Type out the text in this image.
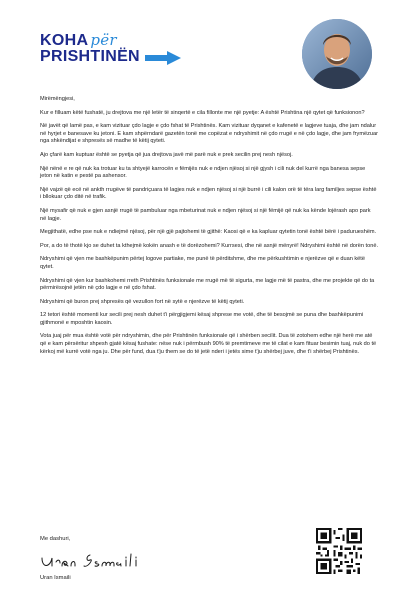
KOHA për
PRISHTINËN

Mirëmëngjesi,

Kur e filluam këtë fushatë, ju drejtova me një letër të sinqertë e cila fillonte me një pyetje: A është Prishtina një qytet që funksionon?

Në javët që lamë pas, e kam vizituar çdo lagje e çdo fshat të Prishtinës. Kam vizituar dyqanet e kafenetë e lagjeve tuaja, dhe jam ndalur në hyrjet e banesave ku jetoni. E kam shpërndarë gazetën tonë me copëzat e ndryshimit në çdo rrugë e në çdo lagje, dhe jam frymëzuar nga shkëndijat e shpresës së madhe të këtij qyteti.

Ajo çfarë kam kuptuar është se pyetja që jua drejtova javë më parë nuk e prek secilin prej nesh njësoj.

Një nënë e re që nuk ka trotuar ku ta shtyejë karrocën e fëmijës nuk e ndjen njësoj si një gjysh i cili nuk del kurrë nga banesa sepse jeton në katin e pestë pa ashensor.

Një vajzë që ecë në ankth rrugëve të pandriçuara të lagjes nuk e ndjen njësoj si një burrë i cili kalon orë të tëra larg familjes sepse është i bllokuar çdo ditë në trafik.

Një mysafir që nuk e gjen asnjë rrugë të pambuluar nga mbeturinat nuk e ndjen njësoj si një fëmijë që nuk ka kënde lojërash apo park në lagje.

Megjithatë, edhe pse nuk e ndiejmë njësoj, për një gjë pajtohemi të gjithë: Kaosi që e ka kapluar qytetin tonë është bërë i padurueshëm.

Por, a do të thotë kjo se duhet ta kthejmë kokën anash e të dorëzohemi? Kurrsesi, dhe në asnjë mënyrë! Ndryshimi është në dorën tonë.

Ndryshimi që vjen me bashkëpunim përtej logove partiake, me punë të përditshme, dhe me përkushtimin e njerëzve që e duan këtë qytet.

Ndryshimi që vjen kur bashkohemi rreth Prishtinës funksionale me rrugë më të sigurta, me lagje më të pastra, dhe me projekte që do ta përmirësojnë jetën në çdo lagje e në çdo fshat.

Ndryshimi që buron prej shpresës që vezullon fort në sytë e njerëzve të këtij qyteti.

12 tetori është momenti kur secili prej nesh duhet t'i përgjigjemi kësaj shprese me votë, dhe të besojmë se puna dhe bashkëpunimi gjithmonë e mposhtin kaosin.

Vota juaj për mua është votë për ndryshimin, dhe për Prishtinën funksionale që i shërben secilit. Dua të zotohem edhe një herë me atë që e kam përsëritur shpesh gjatë kësaj fushate: nëse nuk i përmbush 90% të premtimeve me të cilat e kam fituar besimin tuaj, nuk do të kërkoj më kurrë votë nga ju. Dhe për fund, dua t'ju them se do të jetë nderi i jetës sime t'ju shërbej juve, dhe t'i shërbej Prishtinës.

Me dashuri,
Uran Ismaili
